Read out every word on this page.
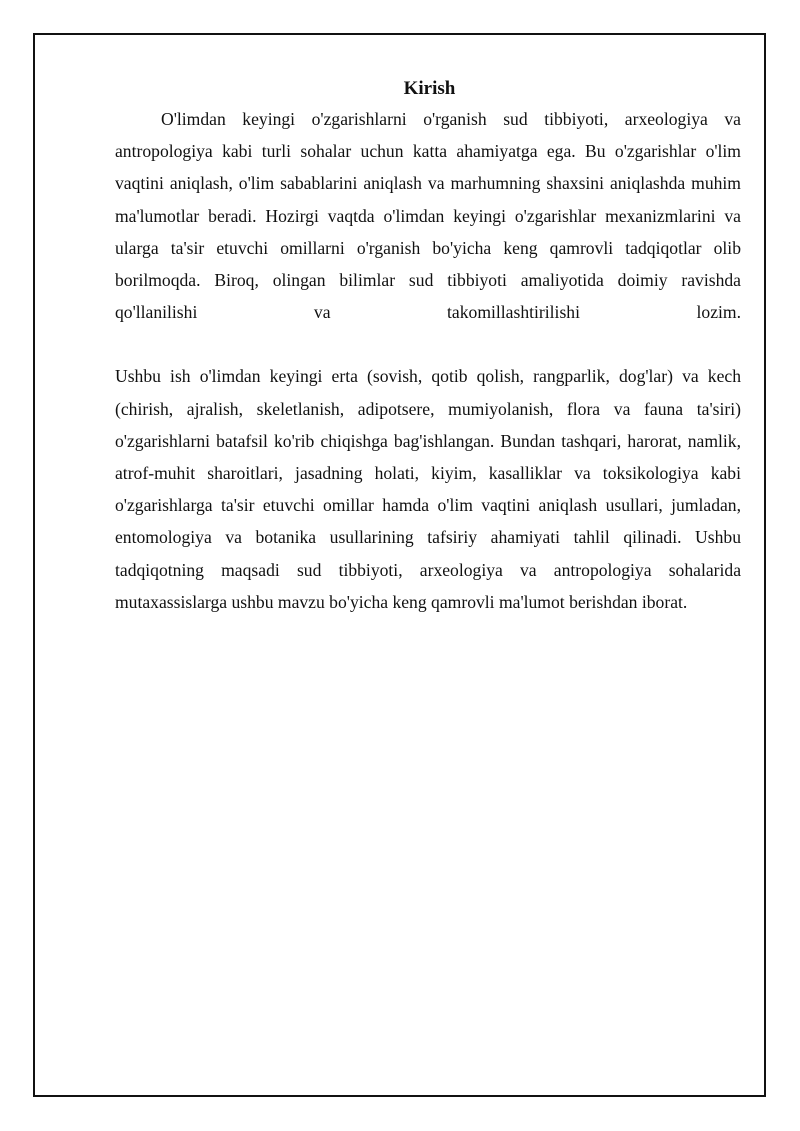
Kirish

O'limdan keyingi o'zgarishlarni o'rganish sud tibbiyoti, arxeologiya va antropologiya kabi turli sohalar uchun katta ahamiyatga ega. Bu o'zgarishlar o'lim vaqtini aniqlash, o'lim sabablarini aniqlash va marhumning shaxsini aniqlashda muhim ma'lumotlar beradi. Hozirgi vaqtda o'limdan keyingi o'zgarishlar mexanizmlarini va ularga ta'sir etuvchi omillarni o'rganish bo'yicha keng qamrovli tadqiqotlar olib borilmoqda. Biroq, olingan bilimlar sud tibbiyoti amaliyotida doimiy ravishda qo'llanilishi va takomillashtirilishi lozim.

Ushbu ish o'limdan keyingi erta (sovish, qotib qolish, rangparlik, dog'lar) va kech (chirish, ajralish, skeletlanish, adipotsere, mumiyolanish, flora va fauna ta'siri) o'zgarishlarni batafsil ko'rib chiqishga bag'ishlangan. Bundan tashqari, harorat, namlik, atrof-muhit sharoitlari, jasadning holati, kiyim, kasalliklar va toksikologiya kabi o'zgarishlarga ta'sir etuvchi omillar hamda o'lim vaqtini aniqlash usullari, jumladan, entomologiya va botanika usullarining tafsiriy ahamiyati tahlil qilinadi. Ushbu tadqiqotning maqsadi sud tibbiyoti, arxeologiya va antropologiya sohalarida mutaxassislarga ushbu mavzu bo'yicha keng qamrovli ma'lumot berishdan iborat.
